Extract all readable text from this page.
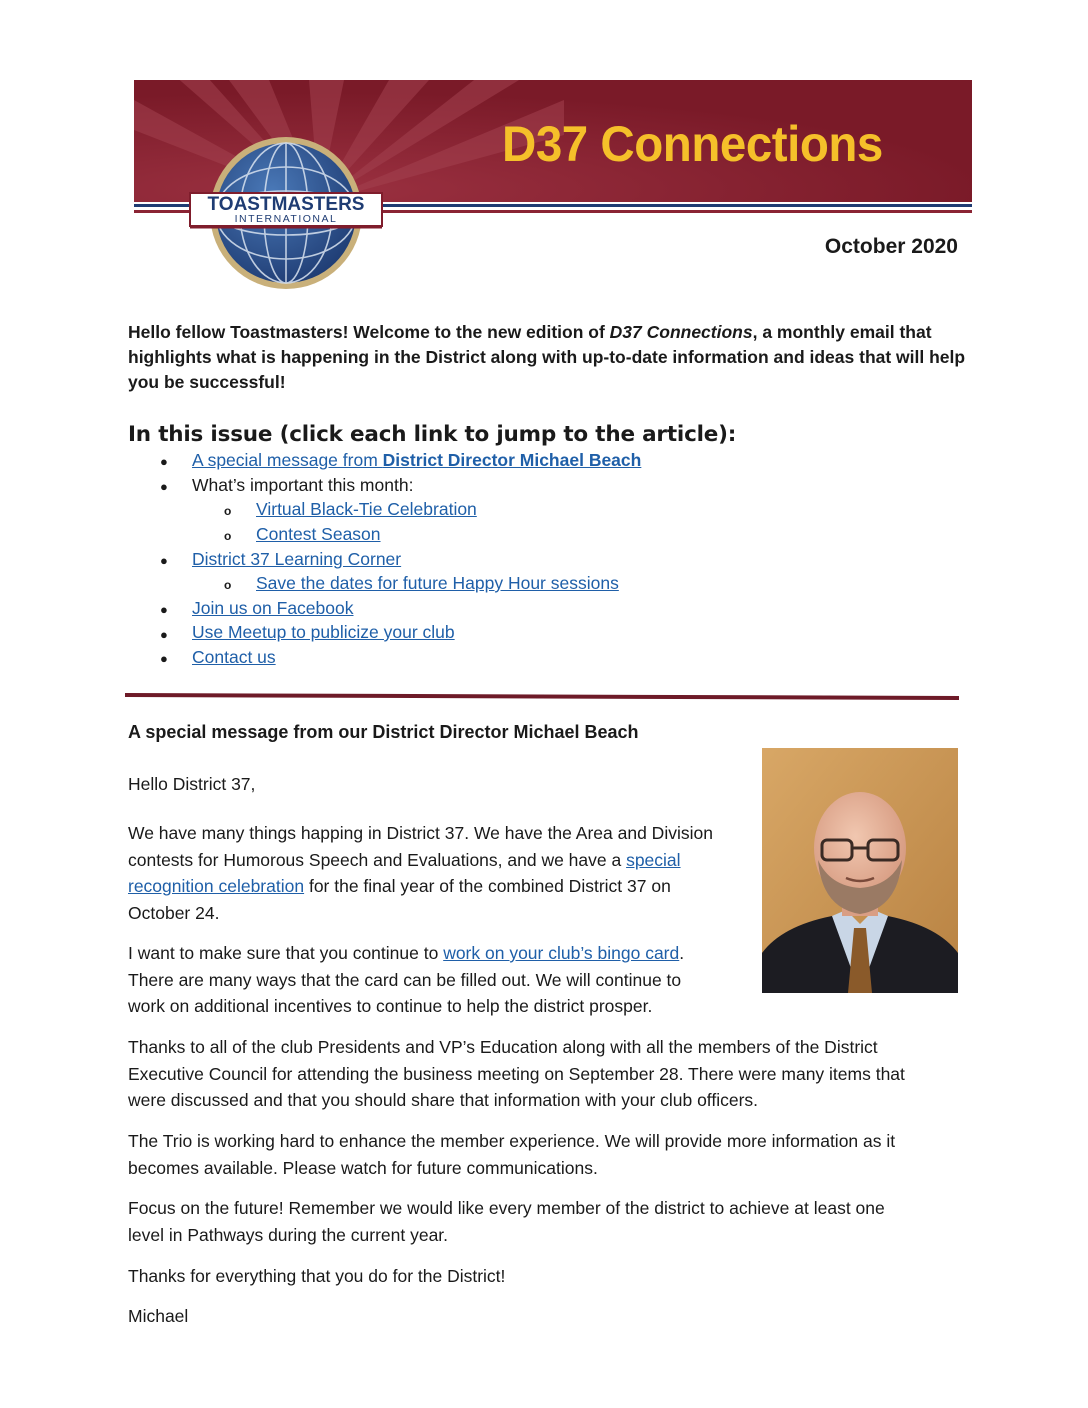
D37 Connections
TOASTMASTERS
INTERNATIONAL
October 2020
Hello fellow Toastmasters! Welcome to the new edition of D37 Connections, a monthly email that highlights what is happening in the District along with up-to-date information and ideas that will help you be successful!
In this issue (click each link to jump to the article):
● A special message from District Director Michael Beach
● What’s important this month:
o Virtual Black-Tie Celebration
o Contest Season
● District 37 Learning Corner
o Save the dates for future Happy Hour sessions
● Join us on Facebook
● Use Meetup to publicize your club
● Contact us
A special message from our District Director Michael Beach
Hello District 37,
We have many things happing in District 37. We have the Area and Division
contests for Humorous Speech and Evaluations, and we have a special
recognition celebration for the final year of the combined District 37 on
October 24.
I want to make sure that you continue to work on your club’s bingo card.
There are many ways that the card can be filled out. We will continue to
work on additional incentives to continue to help the district prosper.
Thanks to all of the club Presidents and VP’s Education along with all the members of the District
Executive Council for attending the business meeting on September 28. There were many items that
were discussed and that you should share that information with your club officers.
The Trio is working hard to enhance the member experience. We will provide more information as it
becomes available. Please watch for future communications.
Focus on the future! Remember we would like every member of the district to achieve at least one
level in Pathways during the current year.
Thanks for everything that you do for the District!
Michael
